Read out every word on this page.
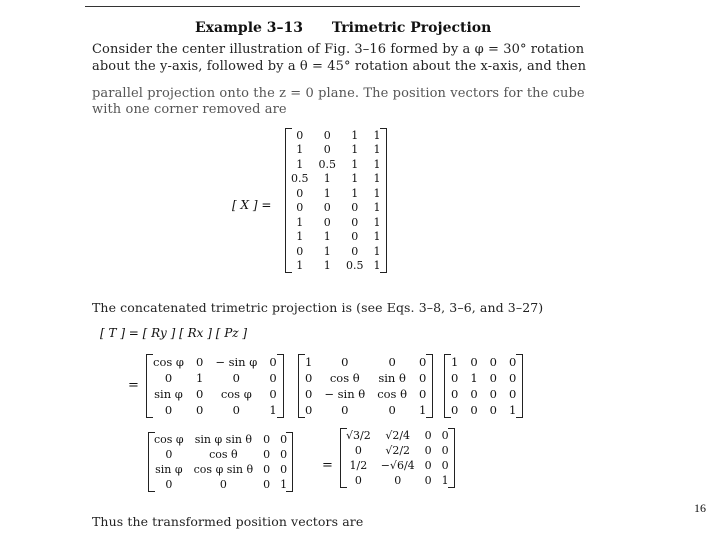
Example 3–13 Trimetric Projection
Consider the center illustration of Fig. 3–16 formed by a φ = 30° rotation
about the y-axis, followed by a θ = 45° rotation about the x-axis, and then
parallel projection onto the z = 0 plane. The position vectors for the cube
with one corner removed are
[ X ] =
0	0	1	1
1	0	1	1
1	0.5	1	1
0.5	1	1	1
0	1	1	1
0	0	0	1
1	0	0	1
1	1	0	1
0	1	0	1
1	1	0.5	1
The concatenated trimetric projection is (see Eqs. 3–8, 3–6, and 3–27)
[ T ] = [ Ry ] [ Rx ] [ Pz ]
=
cos φ	0	− sin φ	0
0	1	0	0
sin φ	0	cos φ	0
0	0	0	1
1	0	0	0
0	cos θ	sin θ	0
0	− sin θ	cos θ	0
0	0	0	1
1	0	0	0
0	1	0	0
0	0	0	0
0	0	0	1
cos φ	sin φ sin θ	0	0
0	cos θ	0	0
sin φ	cos φ sin θ	0	0
0	0	0	1
=
√3/2	√2/4	0	0
0	√2/2	0	0
1/2	−√6/4	0	0
0	0	0	1
Thus the transformed position vectors are
16
